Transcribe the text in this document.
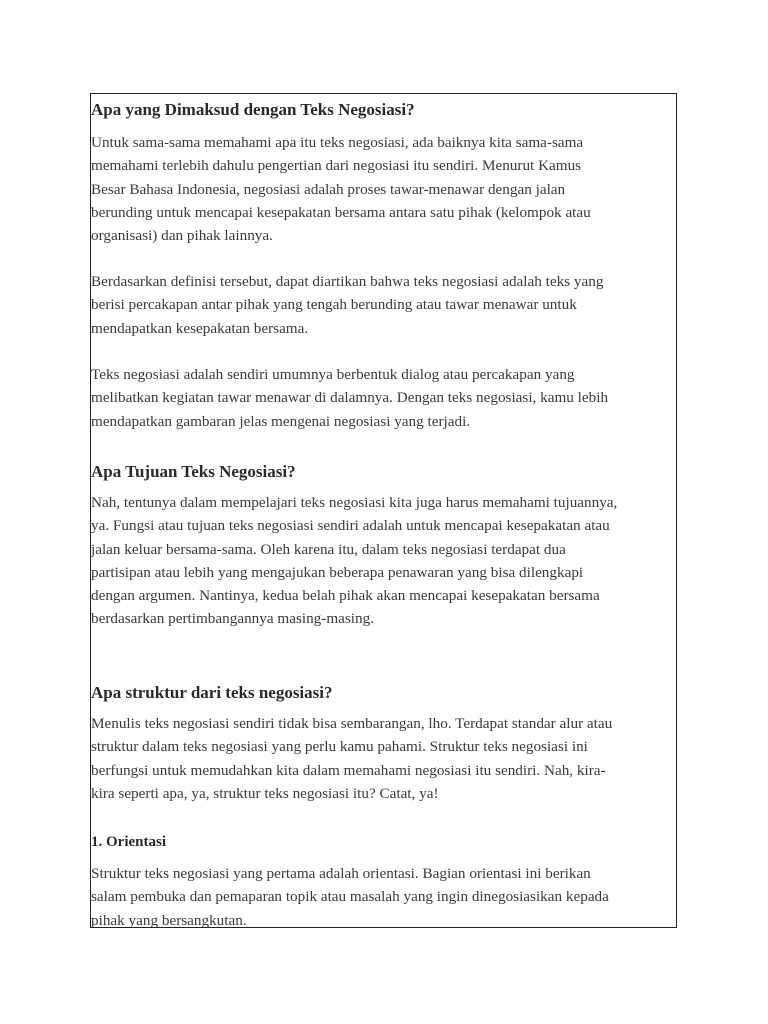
Apa yang Dimaksud dengan Teks Negosiasi?
Untuk sama-sama memahami apa itu teks negosiasi, ada baiknya kita sama-sama
memahami terlebih dahulu pengertian dari negosiasi itu sendiri. Menurut Kamus
Besar Bahasa Indonesia, negosiasi adalah proses tawar-menawar dengan jalan
berunding untuk mencapai kesepakatan bersama antara satu pihak (kelompok atau
organisasi) dan pihak lainnya.
Berdasarkan definisi tersebut, dapat diartikan bahwa teks negosiasi adalah teks yang
berisi percakapan antar pihak yang tengah berunding atau tawar menawar untuk
mendapatkan kesepakatan bersama.
Teks negosiasi adalah sendiri umumnya berbentuk dialog atau percakapan yang
melibatkan kegiatan tawar menawar di dalamnya. Dengan teks negosiasi, kamu lebih
mendapatkan gambaran jelas mengenai negosiasi yang terjadi.
Apa Tujuan Teks Negosiasi?
Nah, tentunya dalam mempelajari teks negosiasi kita juga harus memahami tujuannya,
ya. Fungsi atau tujuan teks negosiasi sendiri adalah untuk mencapai kesepakatan atau
jalan keluar bersama-sama. Oleh karena itu, dalam teks negosiasi terdapat dua
partisipan atau lebih yang mengajukan beberapa penawaran yang bisa dilengkapi
dengan argumen. Nantinya, kedua belah pihak akan mencapai kesepakatan bersama
berdasarkan pertimbangannya masing-masing.
Apa struktur dari teks negosiasi?
Menulis teks negosiasi sendiri tidak bisa sembarangan, lho. Terdapat standar alur atau
struktur dalam teks negosiasi yang perlu kamu pahami. Struktur teks negosiasi ini
berfungsi untuk memudahkan kita dalam memahami negosiasi itu sendiri. Nah, kira-
kira seperti apa, ya, struktur teks negosiasi itu? Catat, ya!
1. Orientasi
Struktur teks negosiasi yang pertama adalah orientasi. Bagian orientasi ini berikan
salam pembuka dan pemaparan topik atau masalah yang ingin dinegosiasikan kepada
pihak yang bersangkutan.
